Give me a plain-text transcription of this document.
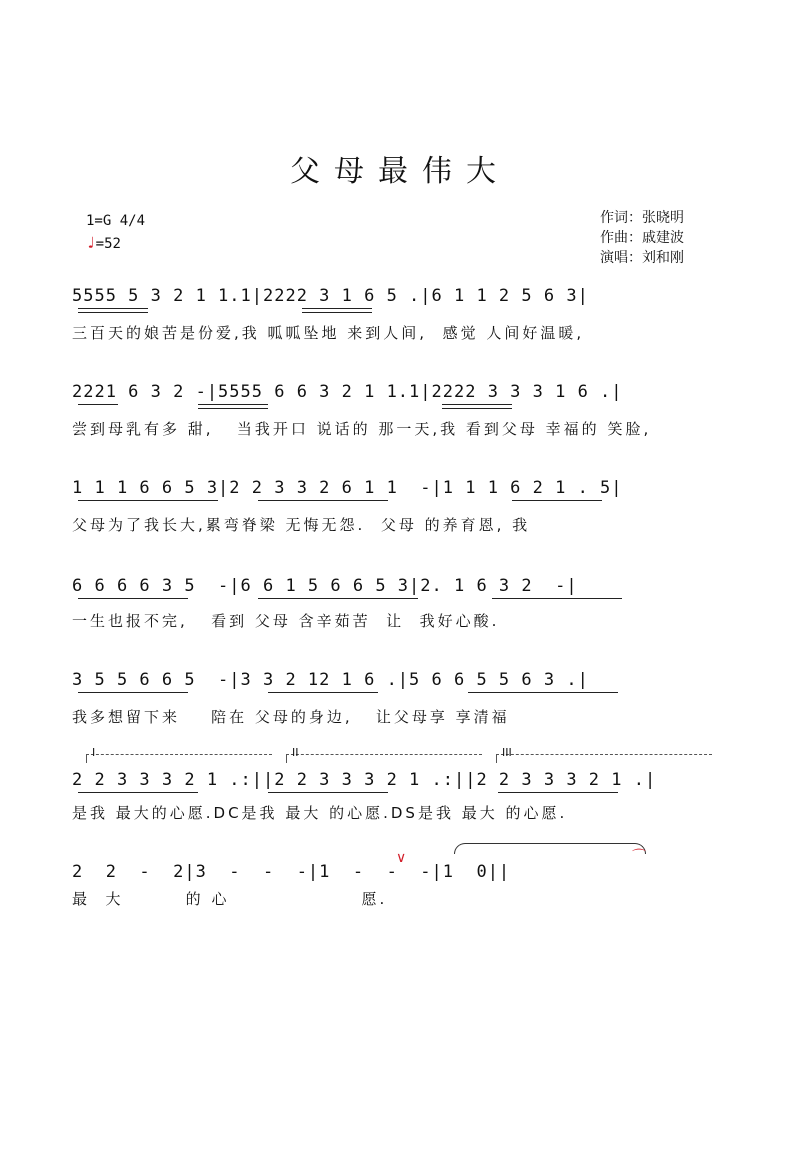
父母最伟大
1=G 4/4
♩=52
作词：张晓明
作曲：戚建波
演唱：刘和刚
5555 5 3 2 1 1.1|2222 3 1 6 5 .|6 1 1 2 5 6 3|
三百天的娘苦是份爱,我 呱呱坠地 来到人间,  感觉 人间好温暖,
2221 6 3 2 -|5555 6 6 3 2 1 1.1|2222 3 3 3 1 6 .|
尝到母乳有多 甜,   当我开口 说话的 那一天,我 看到父母 幸福的 笑脸,
1 1 1 6 6 5 3|2 2 3 3 2 6 1 1  -|1 1 1 6 2 1 . 5|
父母为了我长大,累弯脊梁 无悔无怨.  父母 的养育恩, 我
6 6 6 6 3 5  -|6 6 1 5 6 6 5 3|2. 1 6 3 2  -|
一生也报不完,   看到 父母 含辛茹苦  让  我好心酸.
3 5 5 6 6 5  -|3 3 2 12 1 6 .|5 6 6 5 5 6 3 .|
我多想留下来    陪在 父母的身边,   让父母享 享清福
I	II	III
2 2 3 3 3 2 1 .:||2 2 3 3 3 2 1 .:||2 2 3 3 3 2 1 .|
是我 最大的心愿.DC是我 最大 的心愿.DS是我 最大 的心愿.
∨	⌒
2  2  -  2|3  -  -  -|1  -  -  -|1  0||
最  大        的 心                 愿.
